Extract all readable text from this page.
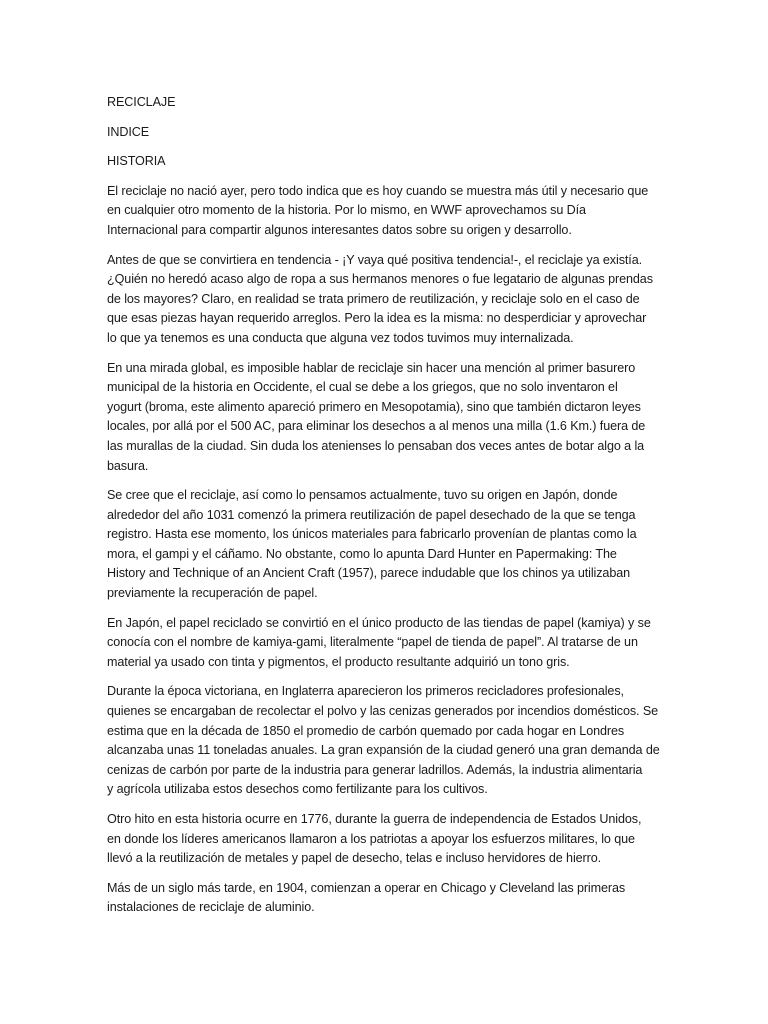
RECICLAJE
INDICE
HISTORIA
El reciclaje no nació ayer, pero todo indica que es hoy cuando se muestra más útil y necesario que
en cualquier otro momento de la historia. Por lo mismo, en WWF aprovechamos su Día
Internacional para compartir algunos interesantes datos sobre su origen y desarrollo.
Antes de que se convirtiera en tendencia - ¡Y vaya qué positiva tendencia!-, el reciclaje ya existía.
¿Quién no heredó acaso algo de ropa a sus hermanos menores o fue legatario de algunas prendas
de los mayores? Claro, en realidad se trata primero de reutilización, y reciclaje solo en el caso de
que esas piezas hayan requerido arreglos. Pero la idea es la misma: no desperdiciar y aprovechar
lo que ya tenemos es una conducta que alguna vez todos tuvimos muy internalizada.
En una mirada global, es imposible hablar de reciclaje sin hacer una mención al primer basurero
municipal de la historia en Occidente, el cual se debe a los griegos, que no solo inventaron el
yogurt (broma, este alimento apareció primero en Mesopotamia), sino que también dictaron leyes
locales, por allá por el 500 AC, para eliminar los desechos a al menos una milla (1.6 Km.) fuera de
las murallas de la ciudad. Sin duda los atenienses lo pensaban dos veces antes de botar algo a la
basura.
Se cree que el reciclaje, así como lo pensamos actualmente, tuvo su origen en Japón, donde
alrededor del año 1031 comenzó la primera reutilización de papel desechado de la que se tenga
registro. Hasta ese momento, los únicos materiales para fabricarlo provenían de plantas como la
mora, el gampi y el cáñamo. No obstante, como lo apunta Dard Hunter en Papermaking: The
History and Technique of an Ancient Craft (1957), parece indudable que los chinos ya utilizaban
previamente la recuperación de papel.
En Japón, el papel reciclado se convirtió en el único producto de las tiendas de papel (kamiya) y se
conocía con el nombre de kamiya-gami, literalmente “papel de tienda de papel”. Al tratarse de un
material ya usado con tinta y pigmentos, el producto resultante adquirió un tono gris.
Durante la época victoriana, en Inglaterra aparecieron los primeros recicladores profesionales,
quienes se encargaban de recolectar el polvo y las cenizas generados por incendios domésticos. Se
estima que en la década de 1850 el promedio de carbón quemado por cada hogar en Londres
alcanzaba unas 11 toneladas anuales. La gran expansión de la ciudad generó una gran demanda de
cenizas de carbón por parte de la industria para generar ladrillos. Además, la industria alimentaria
y agrícola utilizaba estos desechos como fertilizante para los cultivos.
Otro hito en esta historia ocurre en 1776, durante la guerra de independencia de Estados Unidos,
en donde los líderes americanos llamaron a los patriotas a apoyar los esfuerzos militares, lo que
llevó a la reutilización de metales y papel de desecho, telas e incluso hervidores de hierro.
Más de un siglo más tarde, en 1904, comienzan a operar en Chicago y Cleveland las primeras
instalaciones de reciclaje de aluminio.
